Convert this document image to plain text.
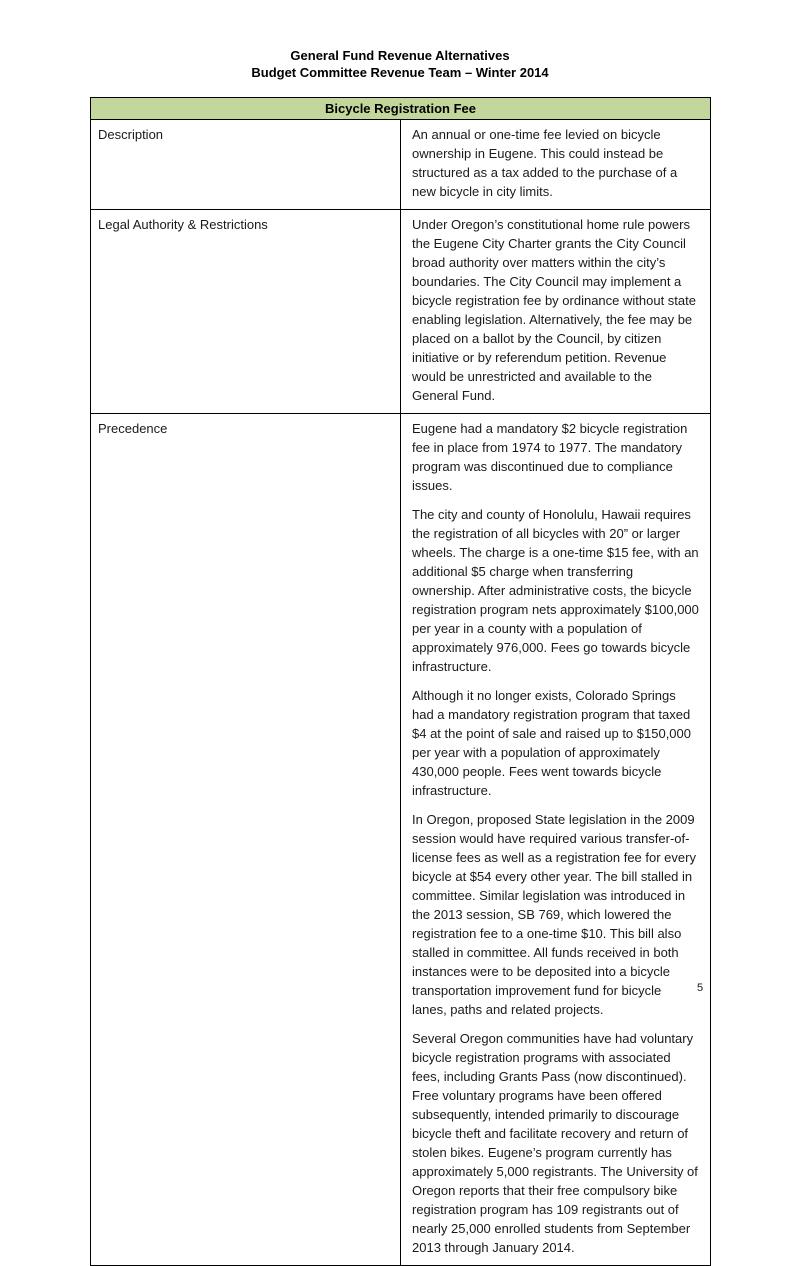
General Fund Revenue Alternatives
Budget Committee Revenue Team – Winter 2014
Bicycle Registration Fee	
Description	An annual or one-time fee levied on bicycle ownership in Eugene. This could instead be structured as a tax added to the purchase of a new bicycle in city limits.

Legal Authority & Restrictions	Under Oregon’s constitutional home rule powers the Eugene City Charter grants the City Council broad authority over matters within the city’s boundaries. The City Council may implement a bicycle registration fee by ordinance without state enabling legislation. Alternatively, the fee may be placed on a ballot by the Council, by citizen initiative or by referendum petition. Revenue would be unrestricted and available to the General Fund.

Precedence	Eugene had a mandatory $2 bicycle registration fee in place from 1974 to 1977. The mandatory program was discontinued due to compliance issues.

The city and county of Honolulu, Hawaii requires the registration of all bicycles with 20” or larger wheels. The charge is a one-time $15 fee, with an additional $5 charge when transferring ownership. After administrative costs, the bicycle registration program nets approximately $100,000 per year in a county with a population of approximately 976,000. Fees go towards bicycle infrastructure.

Although it no longer exists, Colorado Springs had a mandatory registration program that taxed $4 at the point of sale and raised up to $150,000 per year with a population of approximately 430,000 people. Fees went towards bicycle infrastructure.

In Oregon, proposed State legislation in the 2009 session would have required various transfer-of-license fees as well as a registration fee for every bicycle at $54 every other year. The bill stalled in committee. Similar legislation was introduced in the 2013 session, SB 769, which lowered the registration fee to a one-time $10. This bill also stalled in committee. All funds received in both instances were to be deposited into a bicycle transportation improvement fund for bicycle lanes, paths and related projects.

Several Oregon communities have had voluntary bicycle registration programs with associated fees, including Grants Pass (now discontinued). Free voluntary programs have been offered subsequently, intended primarily to discourage bicycle theft and facilitate recovery and return of stolen bikes. Eugene’s program currently has approximately 5,000 registrants. The University of Oregon reports that their free compulsory bike registration program has 109 registrants out of nearly 25,000 enrolled students from September 2013 through January 2014.

5
